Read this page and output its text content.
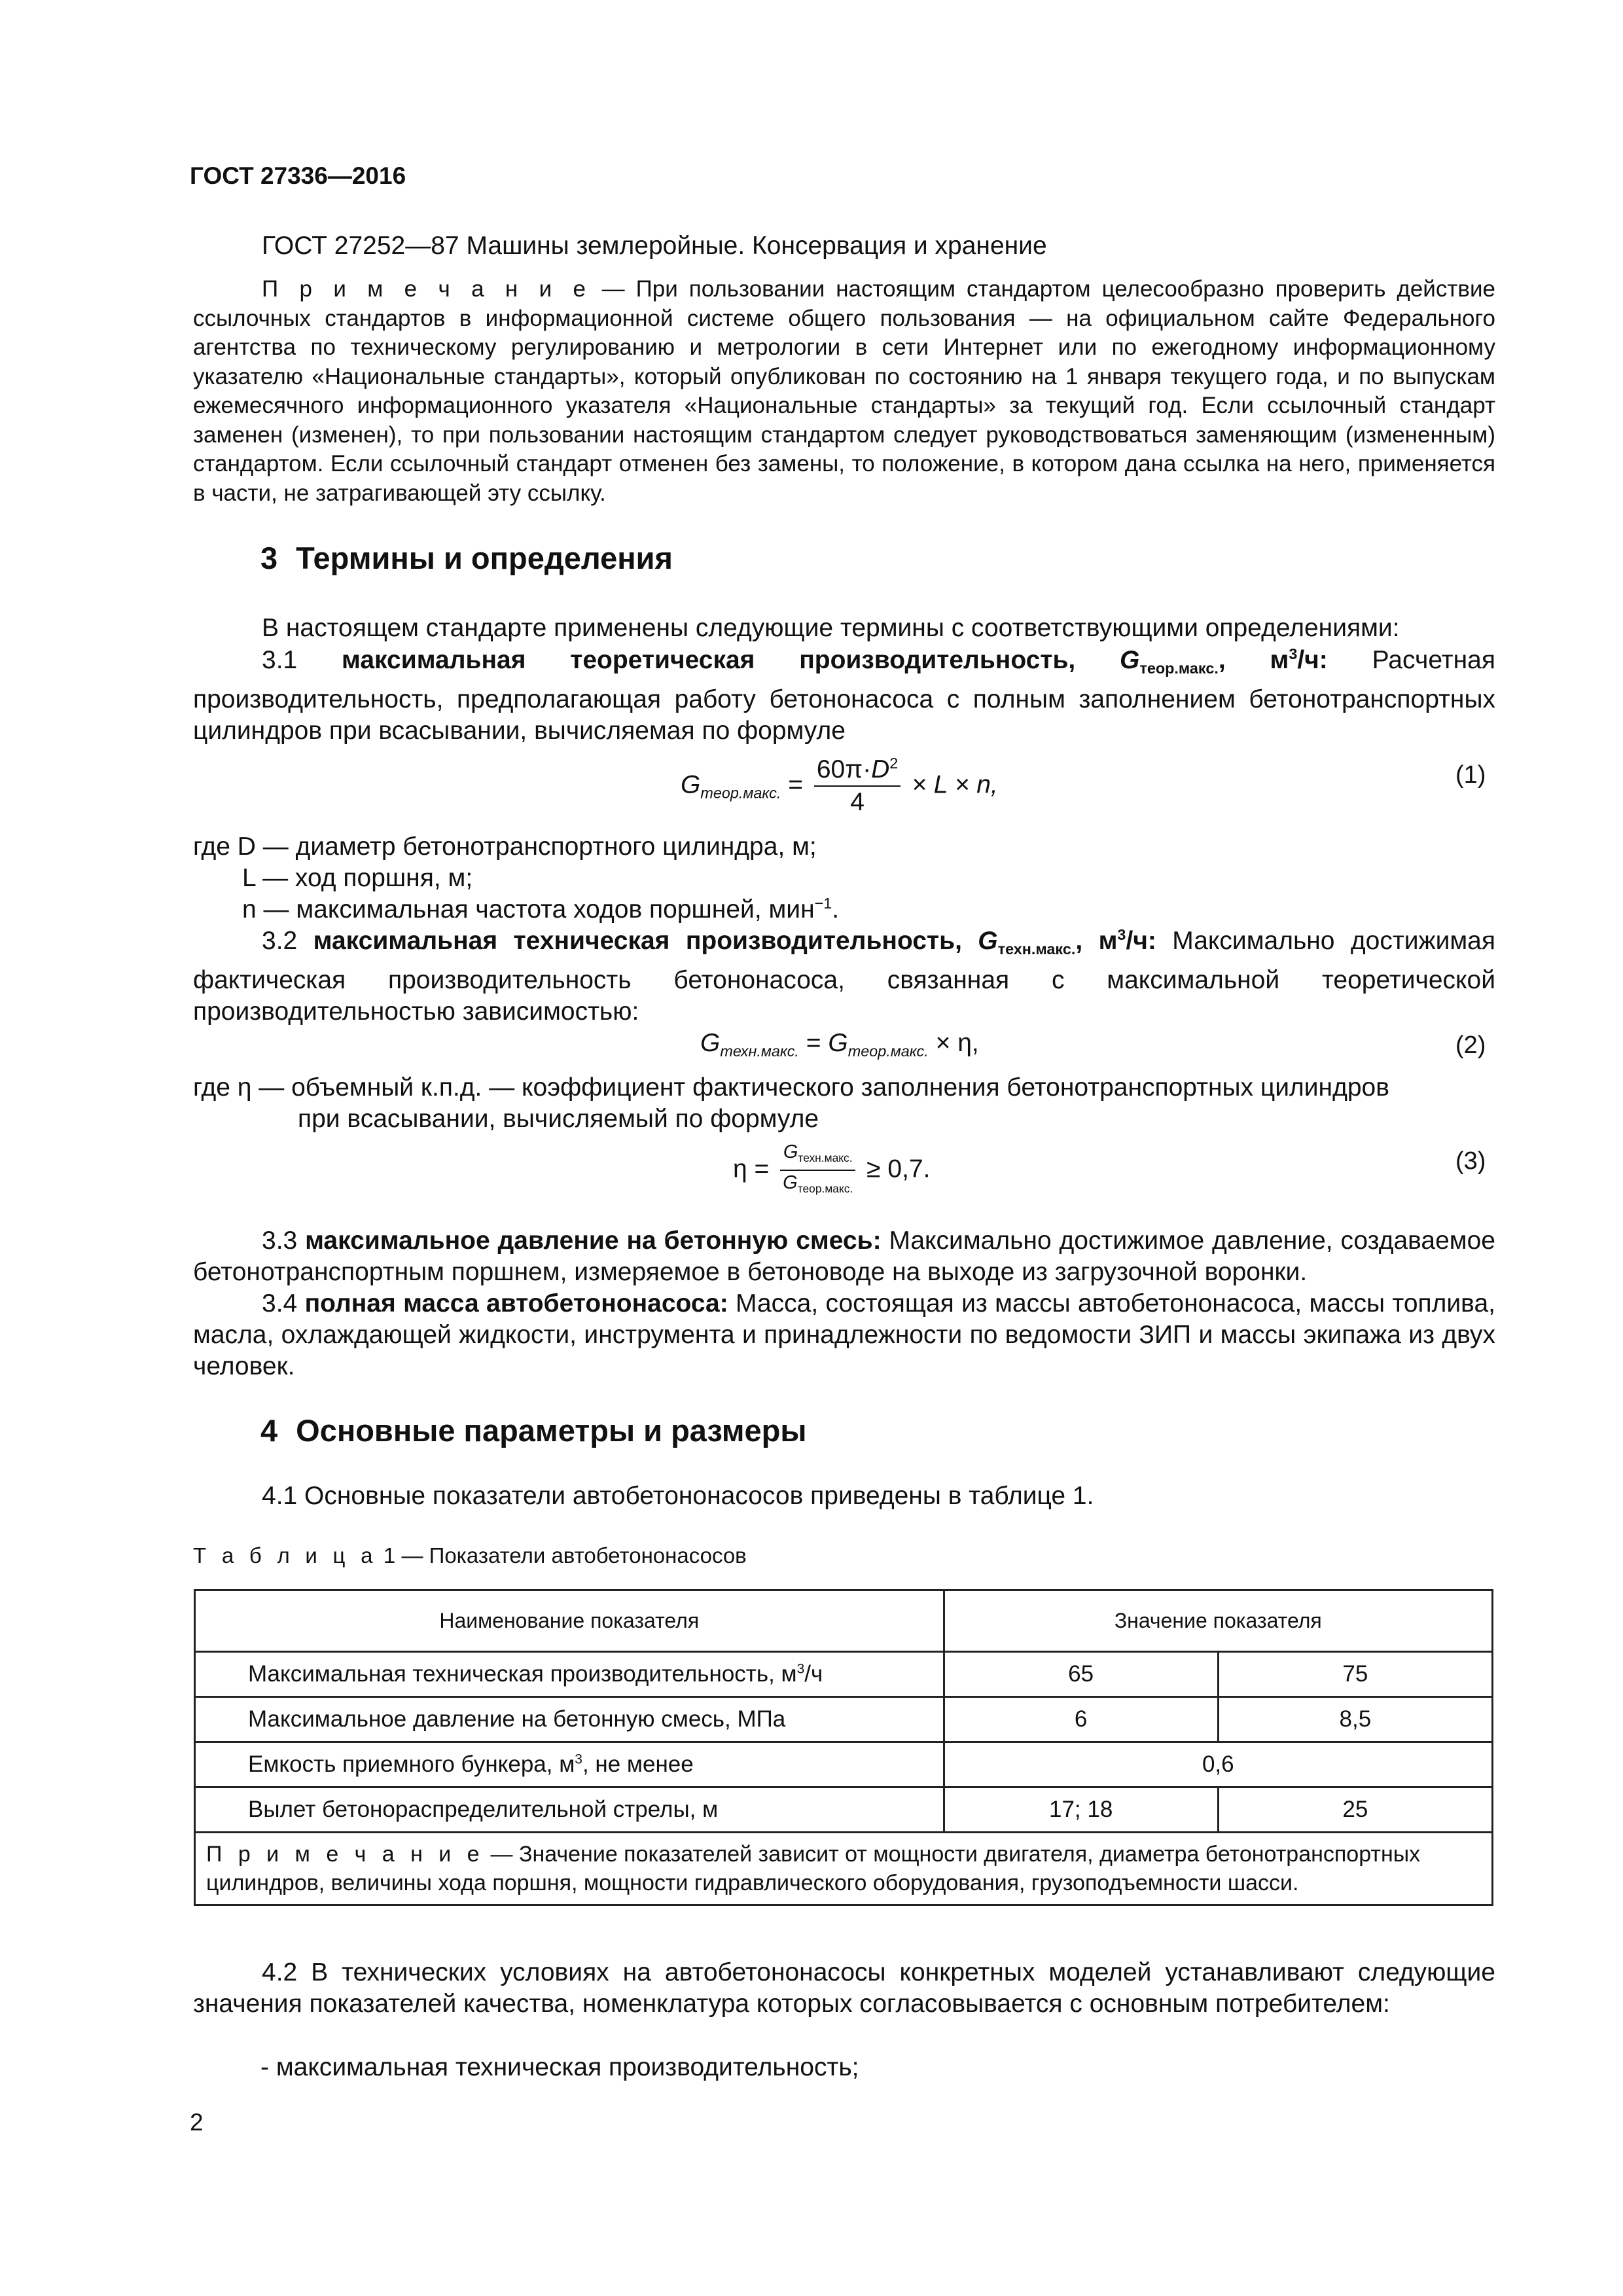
ГОСТ 27336—2016

ГОСТ 27252—87 Машины землеройные. Консервация и хранение

П р и м е ч а н и е — При пользовании настоящим стандартом целесообразно проверить действие ссылочных стандартов в информационной системе общего пользования — на официальном сайте Федерального агентства по техническому регулированию и метрологии в сети Интернет или по ежегодному информационному указателю «Национальные стандарты», который опубликован по состоянию на 1 января текущего года, и по выпускам ежемесячного информационного указателя «Национальные стандарты» за текущий год. Если ссылочный стандарт заменен (изменен), то при пользовании настоящим стандартом следует руководствоваться заменяющим (измененным) стандартом. Если ссылочный стандарт отменен без замены, то положение, в котором дана ссылка на него, применяется в части, не затрагивающей эту ссылку.

3 Термины и определения

В настоящем стандарте применены следующие термины с соответствующими определениями:

3.1 максимальная теоретическая производительность, $G_{теор.макс.}$, $м^3/ч$: Расчетная производительность, предполагающая работу бетононасоса с полным заполнением бетонотранспортных цилиндров при всасывании, вычисляемая по формуле

$G_{теор.макс.} = \frac{60\pi\cdot D^2}{4} \times L \times n$,	(1)
где D — диаметр бетонотранспортного цилиндра, м;
L — ход поршня, м;
n — максимальная частота ходов поршней, мин$^{-1}$.

3.2 максимальная техническая производительность, $G_{техн.макс.}$, $м^3/ч$: Максимально достижимая фактическая производительность бетононасоса, связанная с максимальной теоретической производительностью зависимостью:

$G_{техн.макс.} = G_{теор.макс.} \times \eta$,	(2)
где η — объемный к.п.д. — коэффициент фактического заполнения бетонотранспортных цилиндров
при всасывании, вычисляемый по формуле
$\eta = \frac{G_{техн.макс.}}{G_{теор.макс.}} \ge 0,7$.	(3)

3.3 максимальное давление на бетонную смесь: Максимально достижимое давление, создаваемое бетонотранспортным поршнем, измеряемое в бетоноводе на выходе из загрузочной воронки.

3.4 полная масса автобетононасоса: Масса, состоящая из массы автобетононасоса, массы топлива, масла, охлаждающей жидкости, инструмента и принадлежности по ведомости ЗИП и массы экипажа из двух человек.

4 Основные параметры и размеры

4.1 Основные показатели автобетононасосов приведены в таблице 1.

Т а б л и ц а 1 — Показатели автобетононасосов
Наименование показателя	Значение показателя	
Максимальная техническая производительность, $м^3/ч$	65	75
Максимальное давление на бетонную смесь, МПа	6	8,5
Емкость приемного бункера, $м^3$, не менее	0,6	
Вылет бетонораспределительной стрелы, м	17; 18	25
П р и м е ч а н и е — Значение показателей зависит от мощности двигателя, диаметра бетонотранспортных цилиндров, величины хода поршня, мощности гидравлического оборудования, грузоподъемности шасси.		

4.2 В технических условиях на автобетононасосы конкретных моделей устанавливают следующие значения показателей качества, номенклатура которых согласовывается с основным потребителем:

- максимальная техническая производительность;
2
